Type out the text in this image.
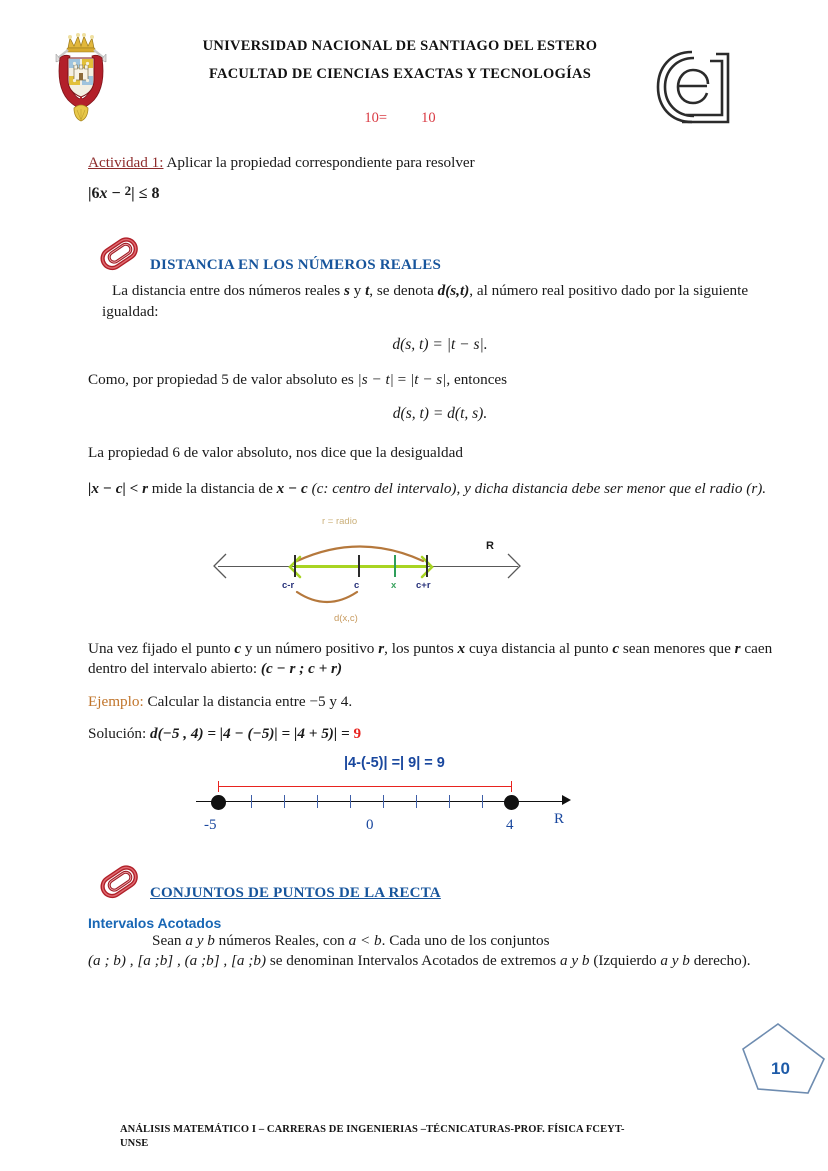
UNIVERSIDAD NACIONAL DE SANTIAGO DEL ESTERO
FACULTAD DE CIENCIAS EXACTAS Y TECNOLOGÍAS
10= 10
Actividad 1: Aplicar la propiedad correspondiente para resolver
|6x − 2| ≤ 8
DISTANCIA EN LOS NÚMEROS REALES

La distancia entre dos números reales s y t, se denota d(s,t), al número real positivo dado por la siguiente igualdad:

d(s, t) = |t − s|.

Como, por propiedad 5 de valor absoluto es |s − t| = |t − s|, entonces

d(s, t) = d(t, s).

La propiedad 6 de valor absoluto, nos dice que la desigualdad

|x − c| < r mide la distancia de x − c (c: centro del intervalo), y dicha distancia debe ser menor que el radio (r).

r = radio
d(x,c)
c-r	c	x c+r
R

Una vez fijado el punto c y un número positivo r, los puntos x cuya distancia al punto c sean menores que r caen dentro del intervalo abierto: (c − r ; c + r)

Ejemplo: Calcular la distancia entre −5 y 4.

Solución: d(−5 , 4) = |4 − (−5)| = |4 + 5)| = 9

|4-(-5)| =| 9| = 9
-5	0	4	R
CONJUNTOS DE PUNTOS DE LA RECTA
Intervalos Acotados

Sean a y b números Reales, con a < b. Cada uno de los conjuntos

(a ; b) , [a ;b] , (a ;b] , [a ;b) se denominan Intervalos Acotados de extremos a y b (Izquierdo a y b derecho).

10
ANÁLISIS MATEMÁTICO I – CARRERAS DE INGENIERIAS –TÉCNICATURAS-PROF. FÍSICA FCEYT-
UNSE
